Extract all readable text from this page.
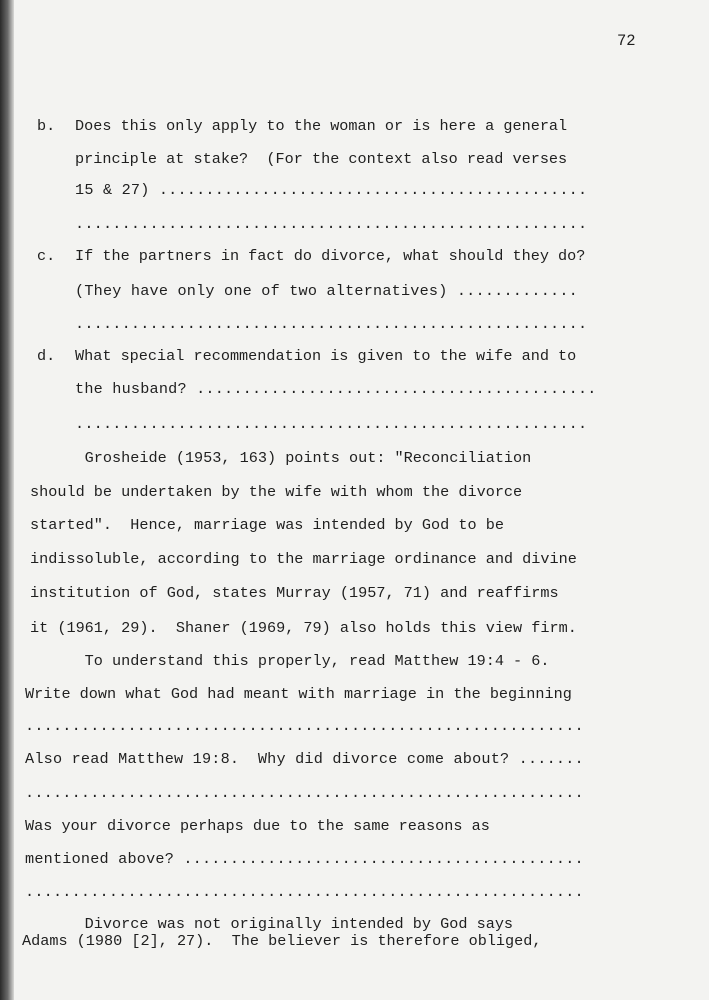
72
b. Does this only apply to the woman or is here a general
principle at stake?  (For the context also read verses
15 & 27) ..............................................
.......................................................
c. If the partners in fact do divorce, what should they do?
(They have only one of two alternatives) .............
.......................................................
d. What special recommendation is given to the wife and to
the husband? ...........................................
.......................................................
Grosheide (1953, 163) points out: "Reconciliation
should be undertaken by the wife with whom the divorce
started".  Hence, marriage was intended by God to be
indissoluble, according to the marriage ordinance and divine
institution of God, states Murray (1957, 71) and reaffirms
it (1961, 29).  Shaner (1969, 79) also holds this view firm.
To understand this properly, read Matthew 19:4 - 6.
Write down what God had meant with marriage in the beginning
............................................................
Also read Matthew 19:8.  Why did divorce come about? .......
............................................................
Was your divorce perhaps due to the same reasons as
mentioned above? ...........................................
............................................................
Divorce was not originally intended by God says
Adams (1980 [2], 27).  The believer is therefore obliged,
